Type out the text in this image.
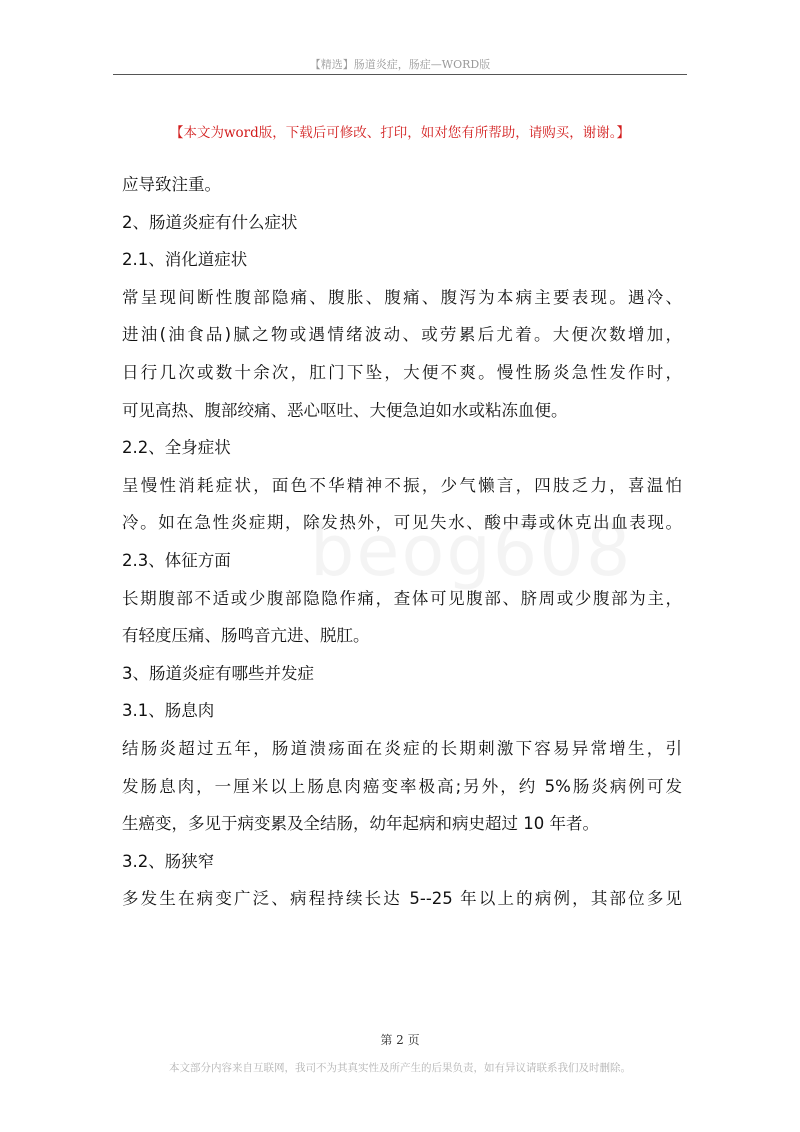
【精选】肠道炎症，肠症—WORD版
【本文为word版，下载后可修改、打印，如对您有所帮助，请购买，谢谢。】
应导致注重。
2、肠道炎症有什么症状
2.1、消化道症状
常呈现间断性腹部隐痛、腹胀、腹痛、腹泻为本病主要表现。遇冷、
进油(油食品)腻之物或遇情绪波动、或劳累后尤着。大便次数增加，
日行几次或数十余次，肛门下坠，大便不爽。慢性肠炎急性发作时，
可见高热、腹部绞痛、恶心呕吐、大便急迫如水或粘冻血便。
2.2、全身症状
呈慢性消耗症状，面色不华精神不振，少气懒言，四肢乏力，喜温怕
冷。如在急性炎症期，除发热外，可见失水、酸中毒或休克出血表现。
2.3、体征方面
长期腹部不适或少腹部隐隐作痛，查体可见腹部、脐周或少腹部为主，
有轻度压痛、肠鸣音亢进、脱肛。
3、肠道炎症有哪些并发症
3.1、肠息肉
结肠炎超过五年，肠道溃疡面在炎症的长期刺激下容易异常增生，引
发肠息肉，一厘米以上肠息肉癌变率极高;另外，约 5%肠炎病例可发
生癌变，多见于病变累及全结肠，幼年起病和病史超过 10 年者。
3.2、肠狭窄
多发生在病变广泛、病程持续长达 5--25 年以上的病例，其部位多见
第 2 页
本文部分内容来自互联网，我司不为其真实性及所产生的后果负责，如有异议请联系我们及时删除。
